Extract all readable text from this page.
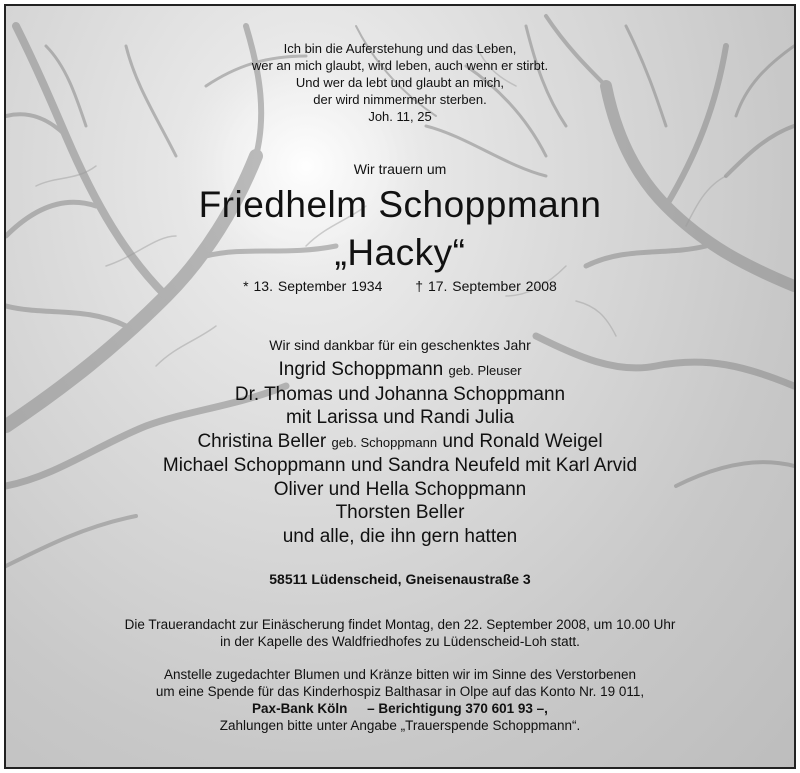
Ich bin die Auferstehung und das Leben,
wer an mich glaubt, wird leben, auch wenn er stirbt.
Und wer da lebt und glaubt an mich,
der wird nimmermehr sterben.
Joh. 11, 25
Wir trauern um
Friedhelm Schoppmann
„Hacky“
* 13. September 1934 † 17. September 2008
Wir sind dankbar für ein geschenktes Jahr
Ingrid Schoppmann geb. Pleuser
Dr. Thomas und Johanna Schoppmann
mit Larissa und Randi Julia
Christina Beller geb. Schoppmann und Ronald Weigel
Michael Schoppmann und Sandra Neufeld mit Karl Arvid
Oliver und Hella Schoppmann
Thorsten Beller
und alle, die ihn gern hatten
58511 Lüdenscheid, Gneisenaustraße 3
Die Trauerandacht zur Einäscherung findet Montag, den 22. September 2008, um 10.00 Uhr
in der Kapelle des Waldfriedhofes zu Lüdenscheid-Loh statt.
Anstelle zugedachter Blumen und Kränze bitten wir im Sinne des Verstorbenen
um eine Spende für das Kinderhospiz Balthasar in Olpe auf das Konto Nr. 19 011,
Pax-Bank Köln – Berichtigung 370 601 93 –,
Zahlungen bitte unter Angabe „Trauerspende Schoppmann“.
